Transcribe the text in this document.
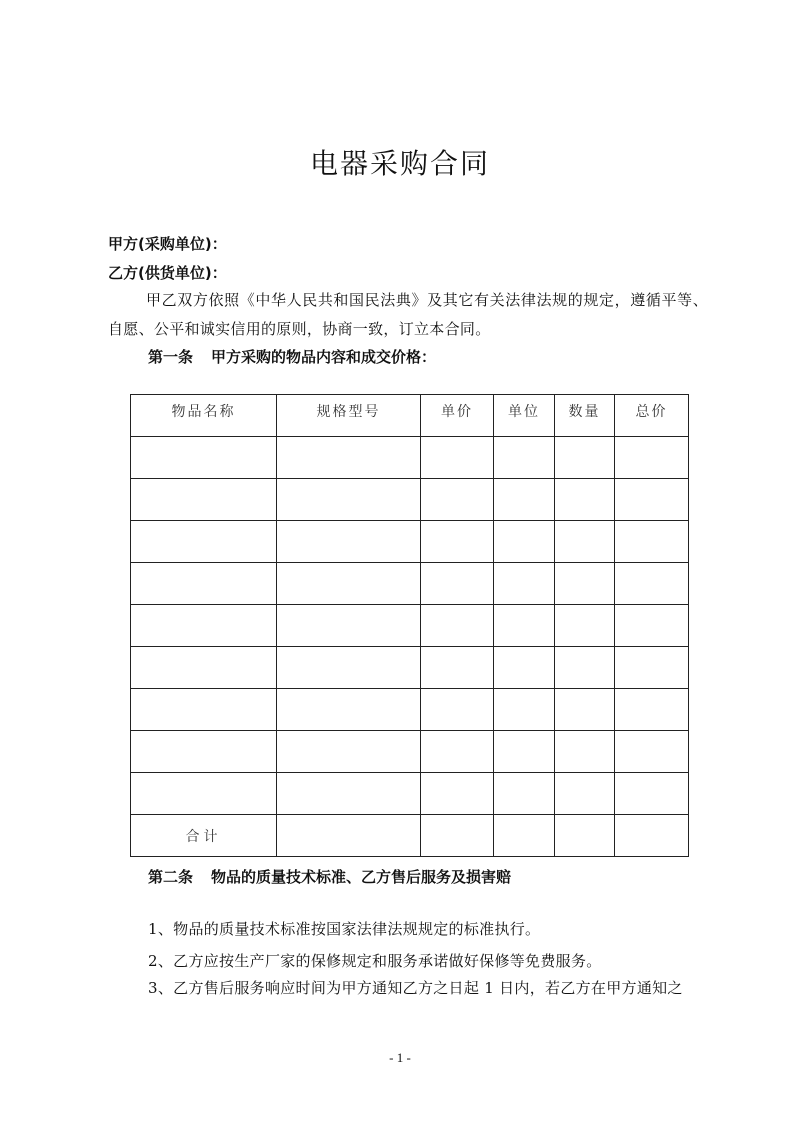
电器采购合同
甲方(采购单位)：
乙方(供货单位)：
甲乙双方依照《中华人民共和国民法典》及其它有关法律法规的规定，遵循平等、自愿、公平和诚实信用的原则，协商一致，订立本合同。
第一条 甲方采购的物品内容和成交价格：
物品名称	规格型号	单价	单位	数量	总价

合计					
第二条 物品的质量技术标准、乙方售后服务及损害赔
1、物品的质量技术标准按国家法律法规规定的标准执行。
2、乙方应按生产厂家的保修规定和服务承诺做好保修等免费服务。
3、乙方售后服务响应时间为甲方通知乙方之日起 1 日内，若乙方在甲方通知之
- 1 -
